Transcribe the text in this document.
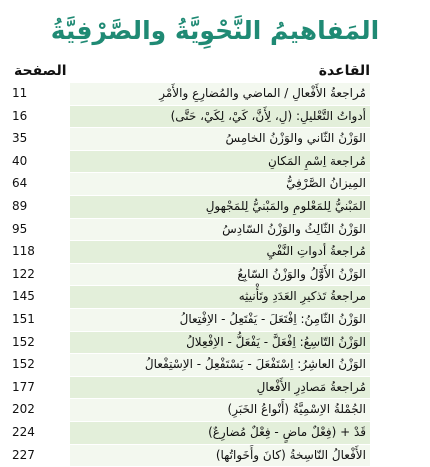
المَفاهيمُ النَّحْوِيَّةُ والصَّرْفِيَّةُ
القاعدة
الصفحة
مُراجعةُ الأَفْعالِ / الماضي والمُضارِعِ والأَمْرِ
11
أدواتُ التَّعْليلِ: (لِ، لِأَنَّ، كَيْ، لِكَيْ، حَتَّى)
16
الوَزْنُ الثّاني والوَزْنُ الخامِسُ
35
مُراجعة اِسْمِ المَكانِ
40
المِيزانُ الصَّرْفِيُّ
64
المَبْنيُّ لِلمَعْلومِ والمَبْنيُّ لِلمَجْهولِ
89
الوَزْنُ الثّالِثُ والوَزْنُ السّادِسُ
95
مُراجعةُ أدواتِ النَّفْيِ
118
الوَزْنُ الأَوَّلُ والوَزْنُ السّابِعُ
122
مراجعةُ تَذكيرِ العَدَدِ وتَأْنيثِه
145
الوَزْنُ الثّامِنُ: اِفْتَعَلَ - يَفْتَعِلُ - الاِفْتِعالُ
151
الوَزْنُ التّاسِعُ: اِفْعَلَّ - يَفْعَلُّ - الاِفْعِلالُ
152
الوَزْنُ العاشِرُ: اِسْتَفْعَلَ - يَسْتَفْعِلُ - الاِسْتِفْعالُ
152
مُراجعةُ مَصادِرِ الأَفْعالِ
177
الجُمْلةُ الاِسْمِيَّةُ (أَنْواعُ الخَبَرِ)
202
قَدْ + (فِعْلٌ ماضٍ - فِعْلٌ مُضارِعٌ)
224
الأَفْعالُ النّاسِخةُ (كانَ وأَخَواتُها)
227
